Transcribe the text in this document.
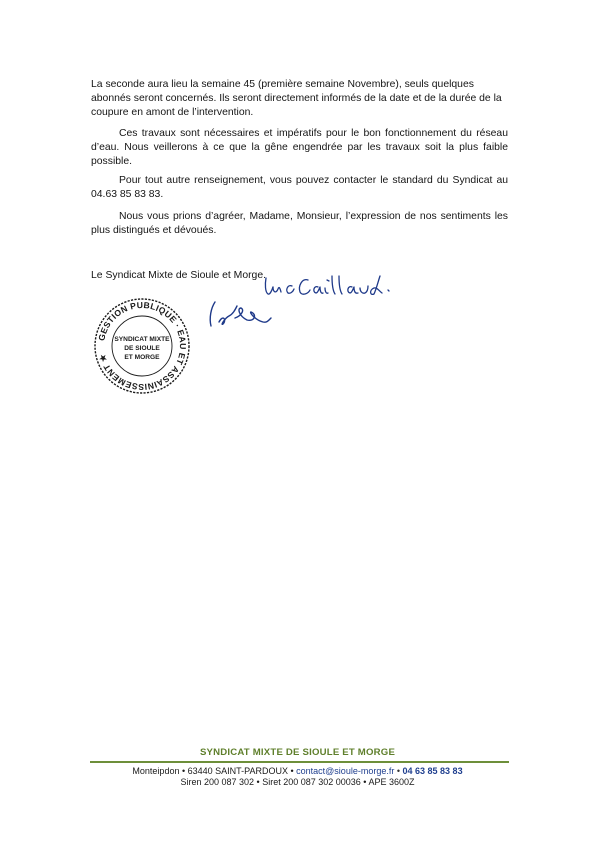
La seconde aura lieu la semaine 45 (première semaine Novembre), seuls quelques abonnés seront concernés. Ils seront directement informés de la date et de la durée de la coupure en amont de l’intervention.

Ces travaux sont nécessaires et impératifs pour le bon fonctionnement du réseau d’eau. Nous veillerons à ce que la gêne engendrée par les travaux soit la plus faible possible.

Pour tout autre renseignement, vous pouvez contacter le standard du Syndicat au 04.63 85 83 83.

Nous vous prions d’agréer, Madame, Monsieur, l’expression de nos sentiments les plus distingués et dévoués.

Le Syndicat Mixte de Sioule et Morge.
GESTION PUBLIQUE · EAU ET ASSAINISSEMENT ★
SYNDICAT MIXTE
DE SIOULE
ET MORGE
SYNDICAT MIXTE DE SIOULE ET MORGE
Monteipdon • 63440 SAINT-PARDOUX • contact@sioule-morge.fr • 04 63 85 83 83
Siren 200 087 302 • Siret 200 087 302 00036 • APE 3600Z
